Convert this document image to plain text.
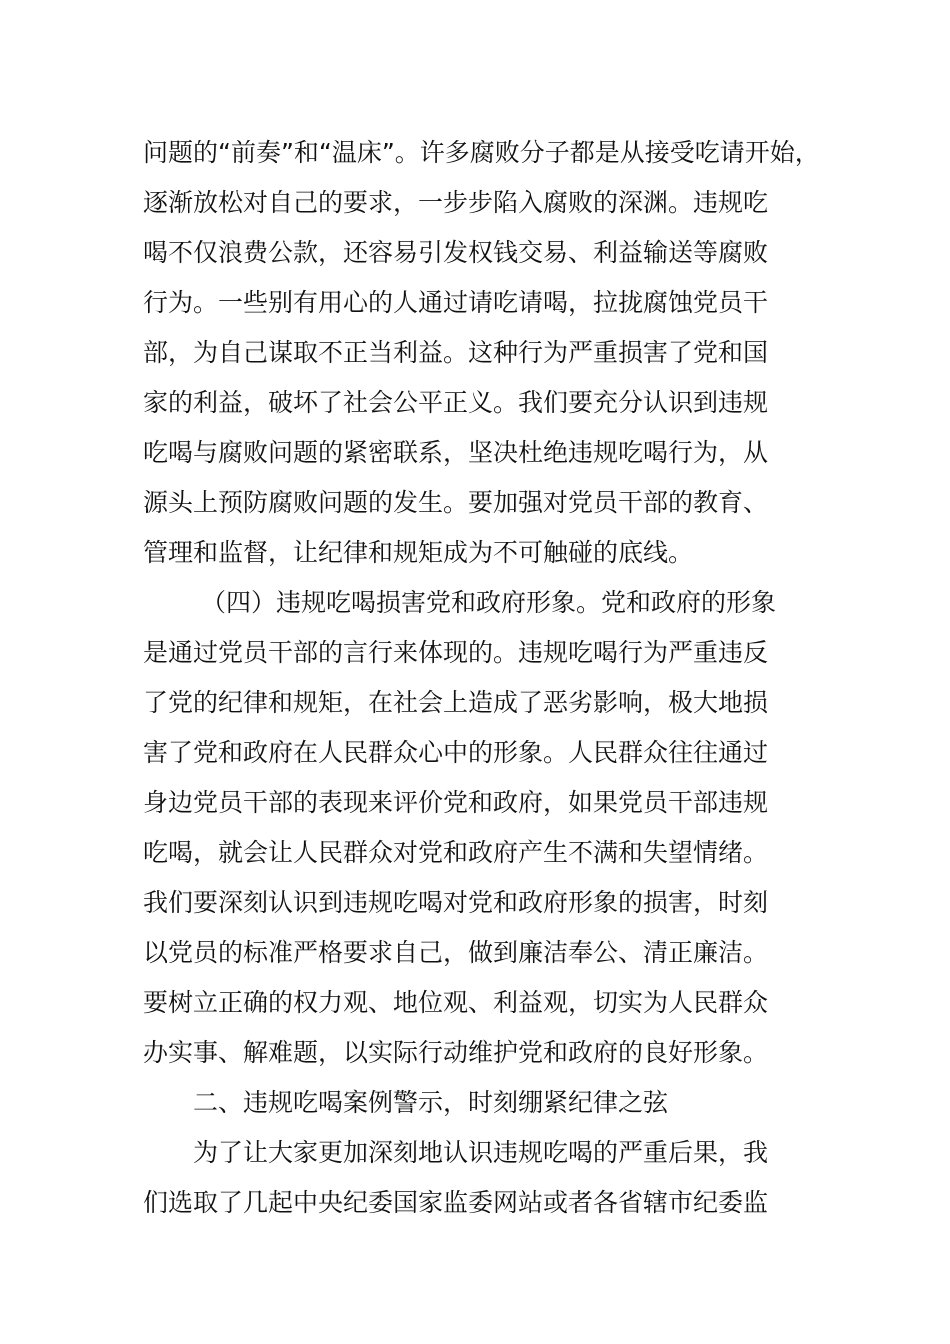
问题的“前奏”和“温床”。许多腐败分子都是从接受吃请开始，
逐渐放松对自己的要求，一步步陷入腐败的深渊。违规吃
喝不仅浪费公款，还容易引发权钱交易、利益输送等腐败
行为。一些别有用心的人通过请吃请喝，拉拢腐蚀党员干
部，为自己谋取不正当利益。这种行为严重损害了党和国
家的利益，破坏了社会公平正义。我们要充分认识到违规
吃喝与腐败问题的紧密联系，坚决杜绝违规吃喝行为，从
源头上预防腐败问题的发生。要加强对党员干部的教育、
管理和监督，让纪律和规矩成为不可触碰的底线。
（四）违规吃喝损害党和政府形象。党和政府的形象
是通过党员干部的言行来体现的。违规吃喝行为严重违反
了党的纪律和规矩，在社会上造成了恶劣影响，极大地损
害了党和政府在人民群众心中的形象。人民群众往往通过
身边党员干部的表现来评价党和政府，如果党员干部违规
吃喝，就会让人民群众对党和政府产生不满和失望情绪。
我们要深刻认识到违规吃喝对党和政府形象的损害，时刻
以党员的标准严格要求自己，做到廉洁奉公、清正廉洁。
要树立正确的权力观、地位观、利益观，切实为人民群众
办实事、解难题，以实际行动维护党和政府的良好形象。
二、违规吃喝案例警示，时刻绷紧纪律之弦
为了让大家更加深刻地认识违规吃喝的严重后果，我
们选取了几起中央纪委国家监委网站或者各省辖市纪委监
